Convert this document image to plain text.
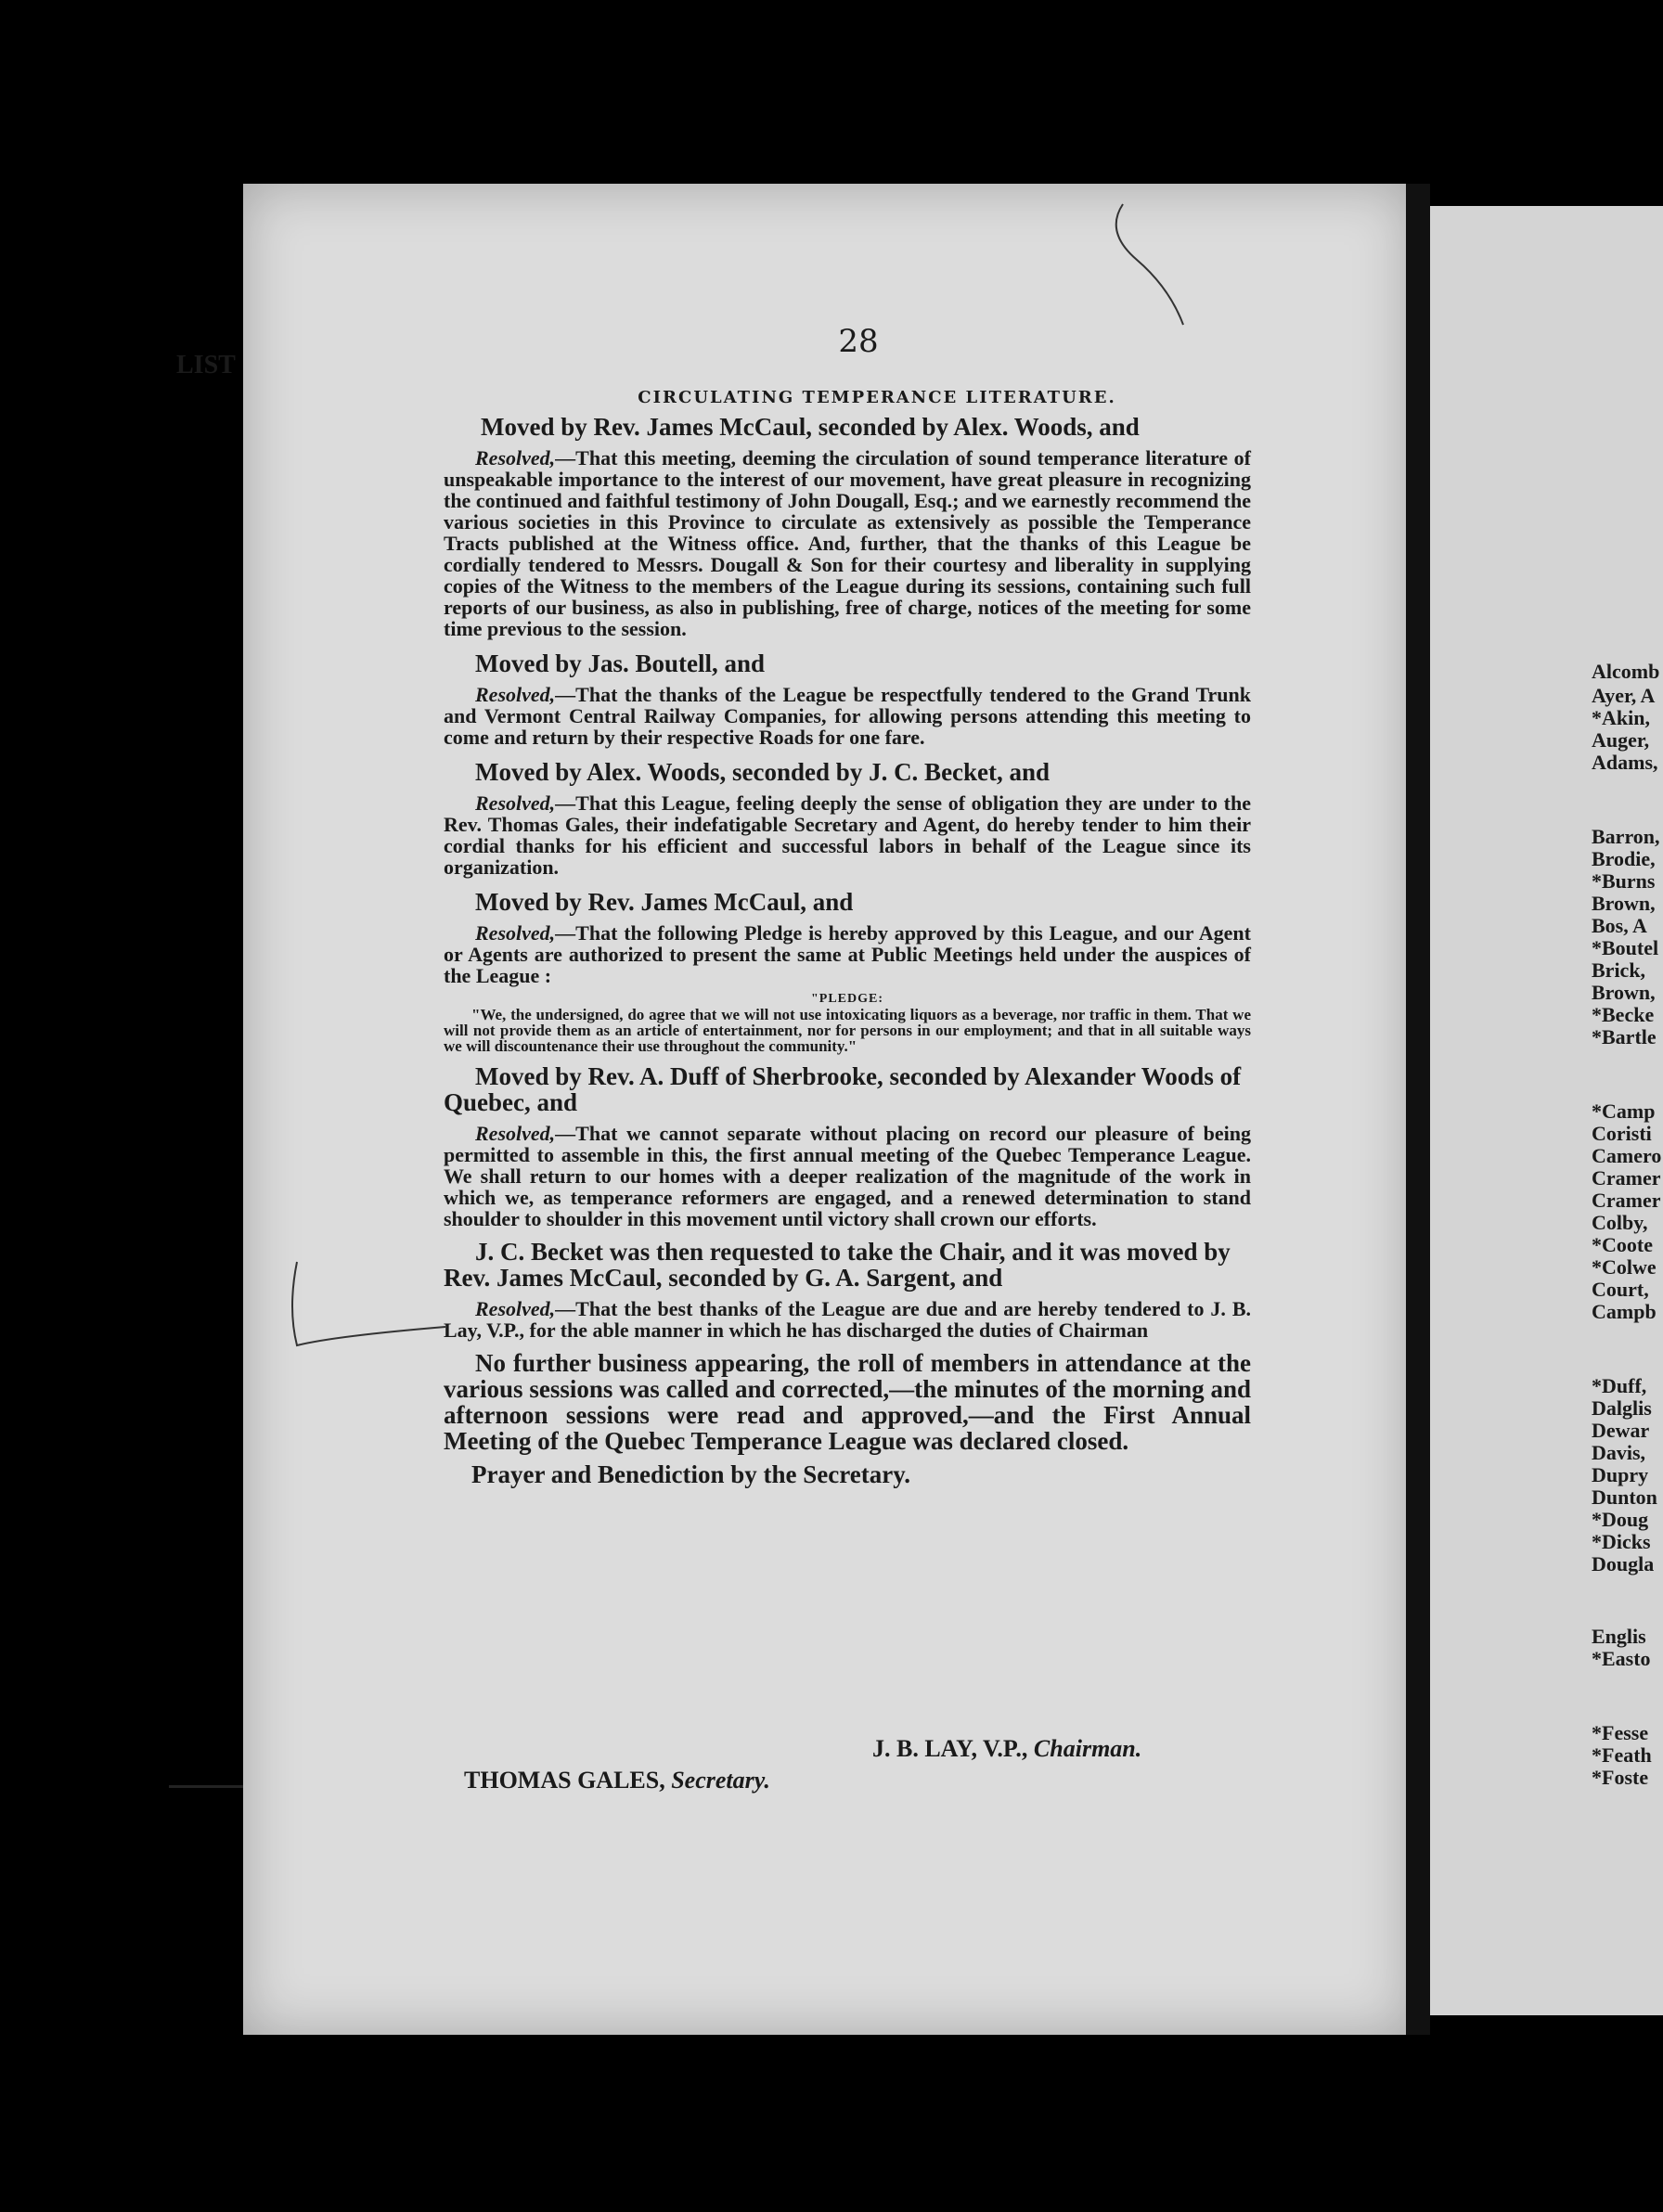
28
CIRCULATING TEMPERANCE LITERATURE.

Moved by Rev. James McCaul, seconded by Alex. Woods, and

Resolved,—That this meeting, deeming the circulation of sound temperance literature of unspeakable importance to the interest of our movement, have great pleasure in recognizing the continued and faithful testimony of John Dougall, Esq.; and we earnestly recommend the various societies in this Province to circulate as extensively as possible the Temperance Tracts published at the Witness office. And, further, that the thanks of this League be cordially tendered to Messrs. Dougall & Son for their courtesy and liberality in supplying copies of the Witness to the members of the League during its sessions, containing such full reports of our business, as also in publishing, free of charge, notices of the meeting for some time previous to the session.

Moved by Jas. Boutell, and

Resolved,—That the thanks of the League be respectfully tendered to the Grand Trunk and Vermont Central Railway Companies, for allowing persons attending this meeting to come and return by their respective Roads for one fare.

Moved by Alex. Woods, seconded by J. C. Becket, and

Resolved,—That this League, feeling deeply the sense of obligation they are under to the Rev. Thomas Gales, their indefatigable Secretary and Agent, do hereby tender to him their cordial thanks for his efficient and successful labors in behalf of the League since its organization.

Moved by Rev. James McCaul, and

Resolved,—That the following Pledge is hereby approved by this League, and our Agent or Agents are authorized to present the same at Public Meetings held under the auspices of the League :

"PLEDGE:

"We, the undersigned, do agree that we will not use intoxicating liquors as a beverage, nor traffic in them. That we will not provide them as an article of entertainment, nor for persons in our employment; and that in all suitable ways we will discountenance their use throughout the community."

Moved by Rev. A. Duff of Sherbrooke, seconded by Alexander Woods of Quebec, and

Resolved,—That we cannot separate without placing on record our pleasure of being permitted to assemble in this, the first annual meeting of the Quebec Temperance League. We shall return to our homes with a deeper realization of the magnitude of the work in which we, as temperance reformers are engaged, and a renewed determination to stand shoulder to shoulder in this movement until victory shall crown our efforts.

J. C. Becket was then requested to take the Chair, and it was moved by Rev. James McCaul, seconded by G. A. Sargent, and

Resolved,—That the best thanks of the League are due and are hereby tendered to J. B. Lay, V.P., for the able manner in which he has discharged the duties of Chairman

No further business appearing, the roll of members in attendance at the various sessions was called and corrected,—the minutes of the morning and afternoon sessions were read and approved,—and the First Annual Meeting of the Quebec Temperance League was declared closed.

Prayer and Benediction by the Secretary.

J. B. LAY, V.P., Chairman.
THOMAS GALES, Secretary.
LIST
Alcomb
Ayer, A
*Akin,
Auger,
Adams,
Barron,
Brodie,
*Burns
Brown,
Bos, A
*Boutel
Brick,
Brown,
*Becke
*Bartle
*Camp
Coristi
Camero
Cramer
Cramer
Colby,
*Coote
*Colwe
Court,
Campb
*Duff,
Dalglis
Dewar
Davis,
Dupry
Dunton
*Doug
*Dicks
Dougla
Englis
*Easto
*Fesse
*Feath
*Foste
